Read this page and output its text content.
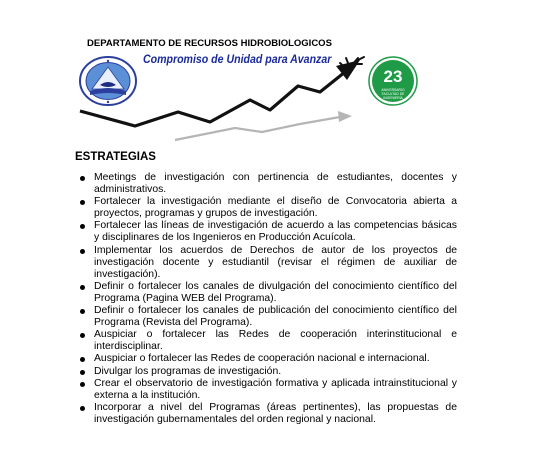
DEPARTAMENTO DE RECURSOS HIDROBIOLOGICOS
Compromiso de Unidad para Avanzar
23
ANIVERSARIO FACULTAD DE INGENIERÍA
ESTRATEGIAS
Meetings de investigación con pertinencia de estudiantes, docentes y administrativos.
Fortalecer la investigación mediante el diseño de Convocatoria abierta a proyectos, programas y grupos de investigación.
Fortalecer las líneas de investigación de acuerdo a las competencias básicas y disciplinares de los Ingenieros en Producción Acuícola.
Implementar los acuerdos de Derechos de autor de los proyectos de investigación docente y estudiantil (revisar el régimen de auxiliar de investigación).
Definir o fortalecer los canales de divulgación del conocimiento científico del Programa (Pagina WEB del Programa).
Definir o fortalecer los canales de publicación del conocimiento científico del Programa (Revista del Programa).
Auspiciar o fortalecer las Redes de cooperación interinstitucional e interdisciplinar.
Auspiciar o fortalecer las Redes de cooperación nacional e internacional.
Divulgar los programas de investigación.
Crear el observatorio de investigación formativa y aplicada intrainstitucional y externa a la institución.
Incorporar a nivel del Programas (áreas pertinentes), las propuestas de investigación gubernamentales del orden regional y nacional.
